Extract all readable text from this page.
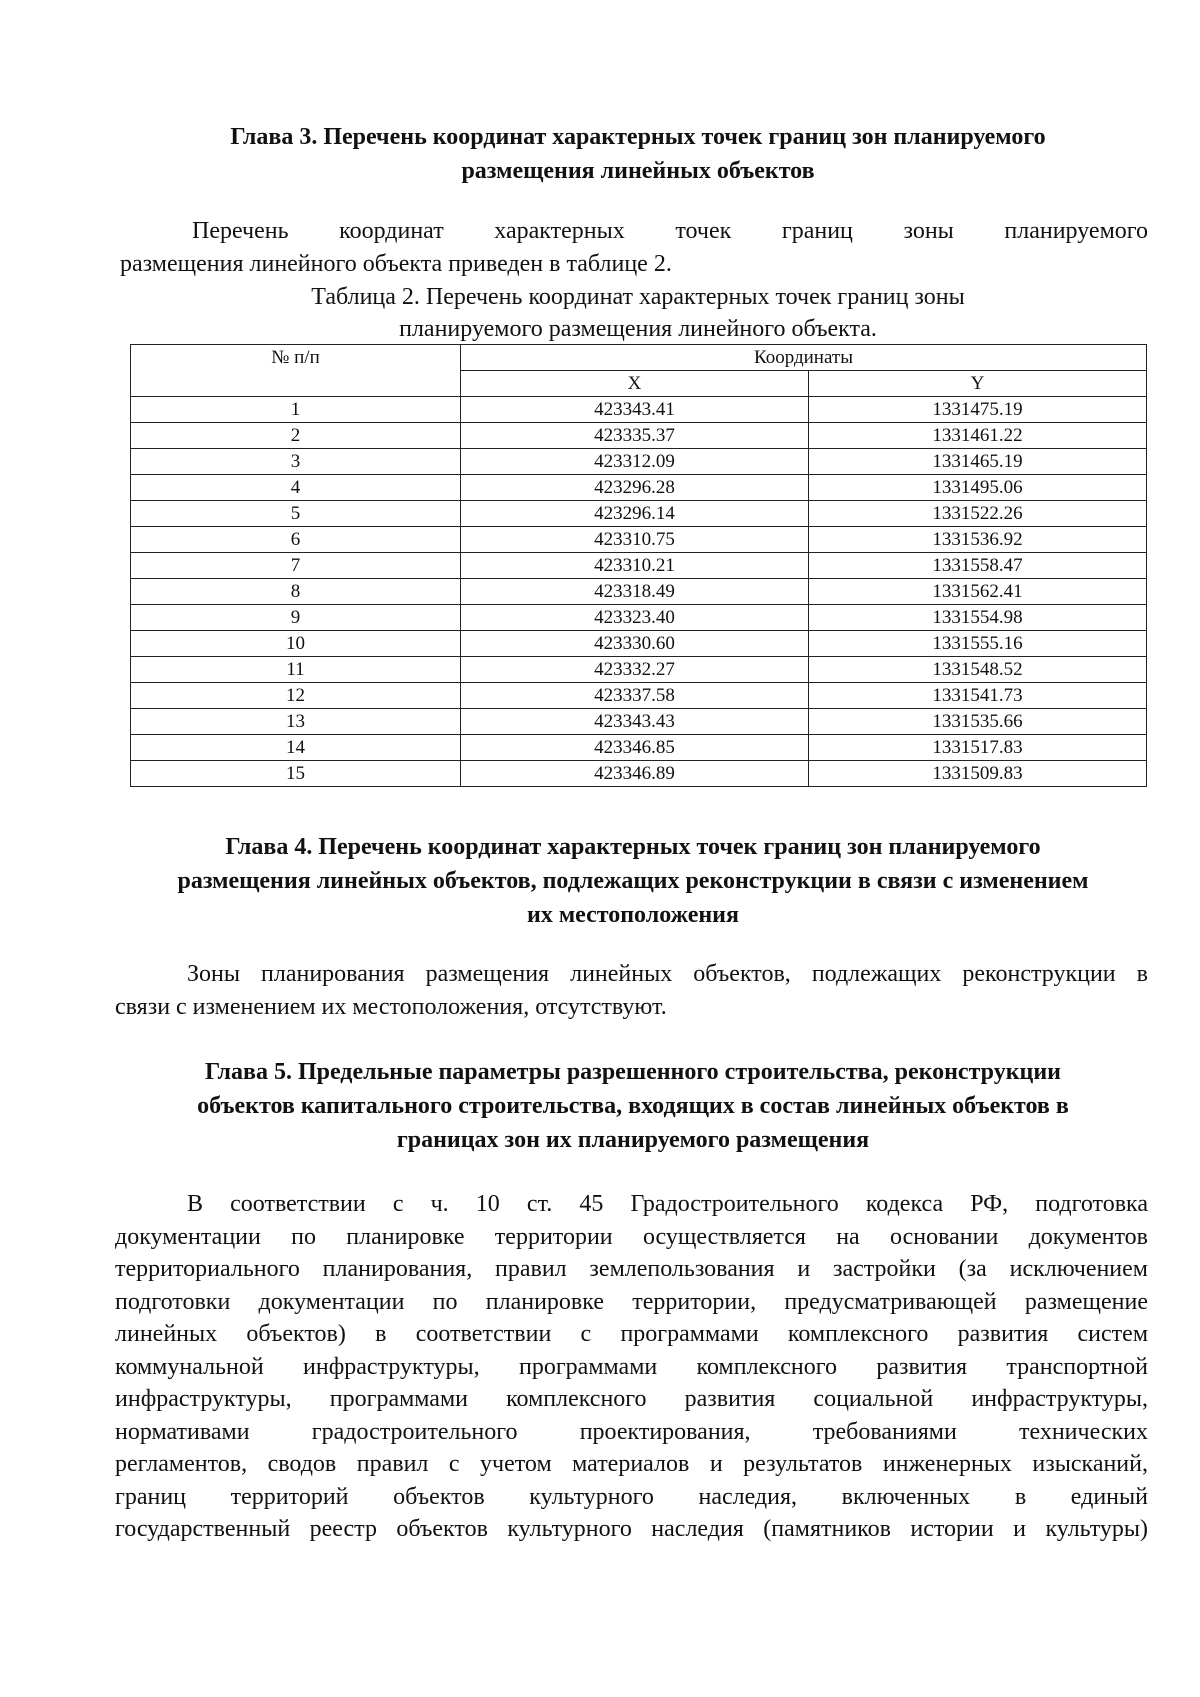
Глава 3. Перечень координат характерных точек границ зон планируемого
размещения линейных объектов
Перечень координат характерных точек границ зоны планируемого
размещения линейного объекта приведен в таблице 2.
Таблица 2. Перечень координат характерных точек границ зоны
планируемого размещения линейного объекта.
№ п/п	Координаты	
	X	Y
1	423343.41	1331475.19
2	423335.37	1331461.22
3	423312.09	1331465.19
4	423296.28	1331495.06
5	423296.14	1331522.26
6	423310.75	1331536.92
7	423310.21	1331558.47
8	423318.49	1331562.41
9	423323.40	1331554.98
10	423330.60	1331555.16
11	423332.27	1331548.52
12	423337.58	1331541.73
13	423343.43	1331535.66
14	423346.85	1331517.83
15	423346.89	1331509.83
Глава 4. Перечень координат характерных точек границ зон планируемого
размещения линейных объектов, подлежащих реконструкции в связи с изменением
их местоположения
Зоны планирования размещения линейных объектов, подлежащих реконструкции в
связи с изменением их местоположения, отсутствуют.
Глава 5. Предельные параметры разрешенного строительства, реконструкции
объектов капитального строительства, входящих в состав линейных объектов в
границах зон их планируемого размещения
В соответствии с ч. 10 ст. 45 Градостроительного кодекса РФ, подготовка
документации по планировке территории осуществляется на основании документов
территориального планирования, правил землепользования и застройки (за исключением
подготовки документации по планировке территории, предусматривающей размещение
линейных объектов) в соответствии с программами комплексного развития систем
коммунальной инфраструктуры, программами комплексного развития транспортной
инфраструктуры, программами комплексного развития социальной инфраструктуры,
нормативами градостроительного проектирования, требованиями технических
регламентов, сводов правил с учетом материалов и результатов инженерных изысканий,
границ территорий объектов культурного наследия, включенных в единый
государственный реестр объектов культурного наследия (памятников истории и культуры)
